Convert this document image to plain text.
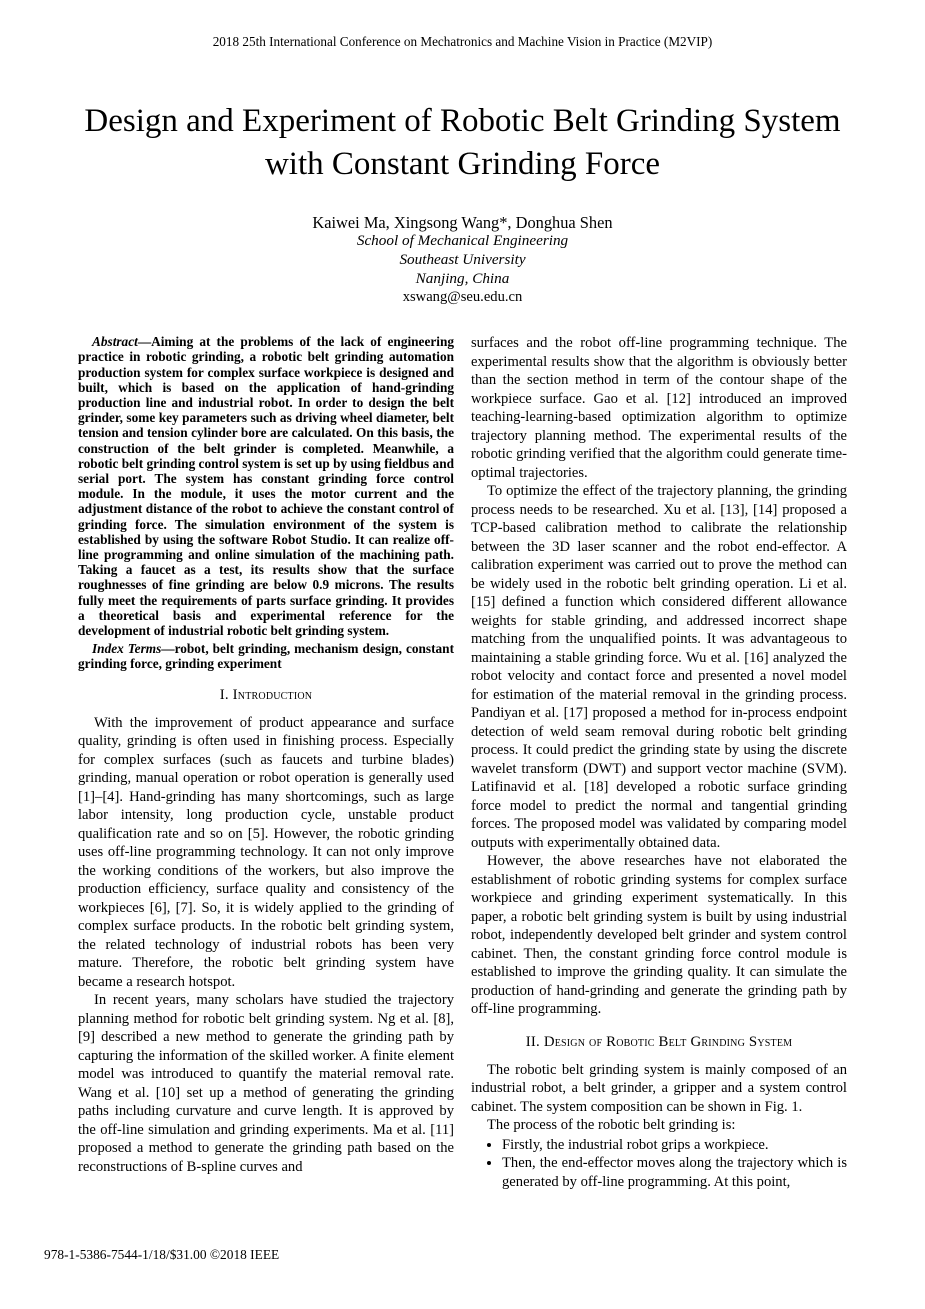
2018 25th International Conference on Mechatronics and Machine Vision in Practice (M2VIP)
Design and Experiment of Robotic Belt Grinding System with Constant Grinding Force
Kaiwei Ma, Xingsong Wang*, Donghua Shen
School of Mechanical Engineering
Southeast University
Nanjing, China
xswang@seu.edu.cn

Abstract—Aiming at the problems of the lack of engineering practice in robotic grinding, a robotic belt grinding automation production system for complex surface workpiece is designed and built, which is based on the application of hand-grinding production line and industrial robot. In order to design the belt grinder, some key parameters such as driving wheel diameter, belt tension and tension cylinder bore are calculated. On this basis, the construction of the belt grinder is completed. Meanwhile, a robotic belt grinding control system is set up by using fieldbus and serial port. The system has constant grinding force control module. In the module, it uses the motor current and the adjustment distance of the robot to achieve the constant control of grinding force. The simulation environment of the system is established by using the software Robot Studio. It can realize off-line programming and online simulation of the machining path. Taking a faucet as a test, its results show that the surface roughnesses of fine grinding are below 0.9 microns. The results fully meet the requirements of parts surface grinding. It provides a theoretical basis and experimental reference for the development of industrial robotic belt grinding system.

Index Terms—robot, belt grinding, mechanism design, constant grinding force, grinding experiment

I. Introduction

With the improvement of product appearance and surface quality, grinding is often used in finishing process. Especially for complex surfaces (such as faucets and turbine blades) grinding, manual operation or robot operation is generally used [1]–[4]. Hand-grinding has many shortcomings, such as large labor intensity, long production cycle, unstable product qualification rate and so on [5]. However, the robotic grinding uses off-line programming technology. It can not only improve the working conditions of the workers, but also improve the production efficiency, surface quality and consistency of the workpieces [6], [7]. So, it is widely applied to the grinding of complex surface products. In the robotic belt grinding system, the related technology of industrial robots has been very mature. Therefore, the robotic belt grinding system have became a research hotspot.

In recent years, many scholars have studied the trajectory planning method for robotic belt grinding system. Ng et al. [8], [9] described a new method to generate the grinding path by capturing the information of the skilled worker. A finite element model was introduced to quantify the material removal rate. Wang et al. [10] set up a method of generating the grinding paths including curvature and curve length. It is approved by the off-line simulation and grinding experiments. Ma et al. [11] proposed a method to generate the grinding path based on the reconstructions of B-spline curves and

surfaces and the robot off-line programming technique. The experimental results show that the algorithm is obviously better than the section method in term of the contour shape of the workpiece surface. Gao et al. [12] introduced an improved teaching-learning-based optimization algorithm to optimize trajectory planning method. The experimental results of the robotic grinding verified that the algorithm could generate time-optimal trajectories.

To optimize the effect of the trajectory planning, the grinding process needs to be researched. Xu et al. [13], [14] proposed a TCP-based calibration method to calibrate the relationship between the 3D laser scanner and the robot end-effector. A calibration experiment was carried out to prove the method can be widely used in the robotic belt grinding operation. Li et al. [15] defined a function which considered different allowance weights for stable grinding, and addressed incorrect shape matching from the unqualified points. It was advantageous to maintaining a stable grinding force. Wu et al. [16] analyzed the robot velocity and contact force and presented a novel model for estimation of the material removal in the grinding process. Pandiyan et al. [17] proposed a method for in-process endpoint detection of weld seam removal during robotic belt grinding process. It could predict the grinding state by using the discrete wavelet transform (DWT) and support vector machine (SVM). Latifinavid et al. [18] developed a robotic surface grinding force model to predict the normal and tangential grinding forces. The proposed model was validated by comparing model outputs with experimentally obtained data.

However, the above researches have not elaborated the establishment of robotic grinding systems for complex surface workpiece and grinding experiment systematically. In this paper, a robotic belt grinding system is built by using industrial robot, independently developed belt grinder and system control cabinet. Then, the constant grinding force control module is established to improve the grinding quality. It can simulate the production of hand-grinding and generate the grinding path by off-line programming.

II. Design of Robotic Belt Grinding System

The robotic belt grinding system is mainly composed of an industrial robot, a belt grinder, a gripper and a system control cabinet. The system composition can be shown in Fig. 1.

The process of the robotic belt grinding is:

• Firstly, the industrial robot grips a workpiece.
• Then, the end-effector moves along the trajectory which is generated by off-line programming. At this point,
978-1-5386-7544-1/18/$31.00 ©2018 IEEE
